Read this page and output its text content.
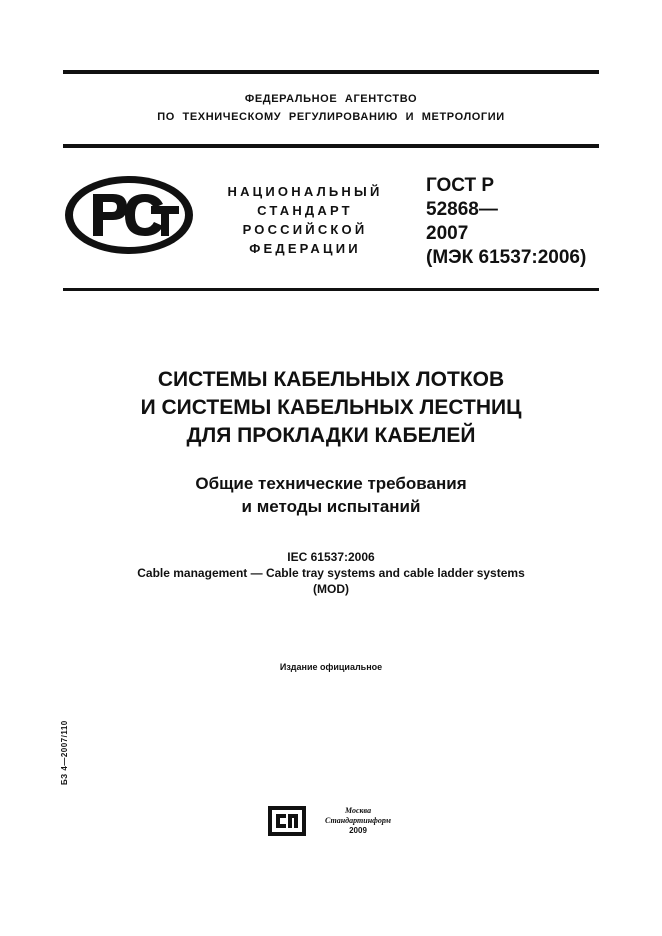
ФЕДЕРАЛЬНОЕ АГЕНТСТВО
ПО ТЕХНИЧЕСКОМУ РЕГУЛИРОВАНИЮ И МЕТРОЛОГИИ
НАЦИОНАЛЬНЫЙ
СТАНДАРТ
РОССИЙСКОЙ
ФЕДЕРАЦИИ
ГОСТ Р
52868—
2007
(МЭК 61537:2006)
СИСТЕМЫ КАБЕЛЬНЫХ ЛОТКОВ
И СИСТЕМЫ КАБЕЛЬНЫХ ЛЕСТНИЦ
ДЛЯ ПРОКЛАДКИ КАБЕЛЕЙ
Общие технические требования
и методы испытаний
IEC 61537:2006
Cable management — Cable tray systems and cable ladder systems
(MOD)
Издание официальное
БЗ 4—2007/110
Москва
Стандартинформ
2009
